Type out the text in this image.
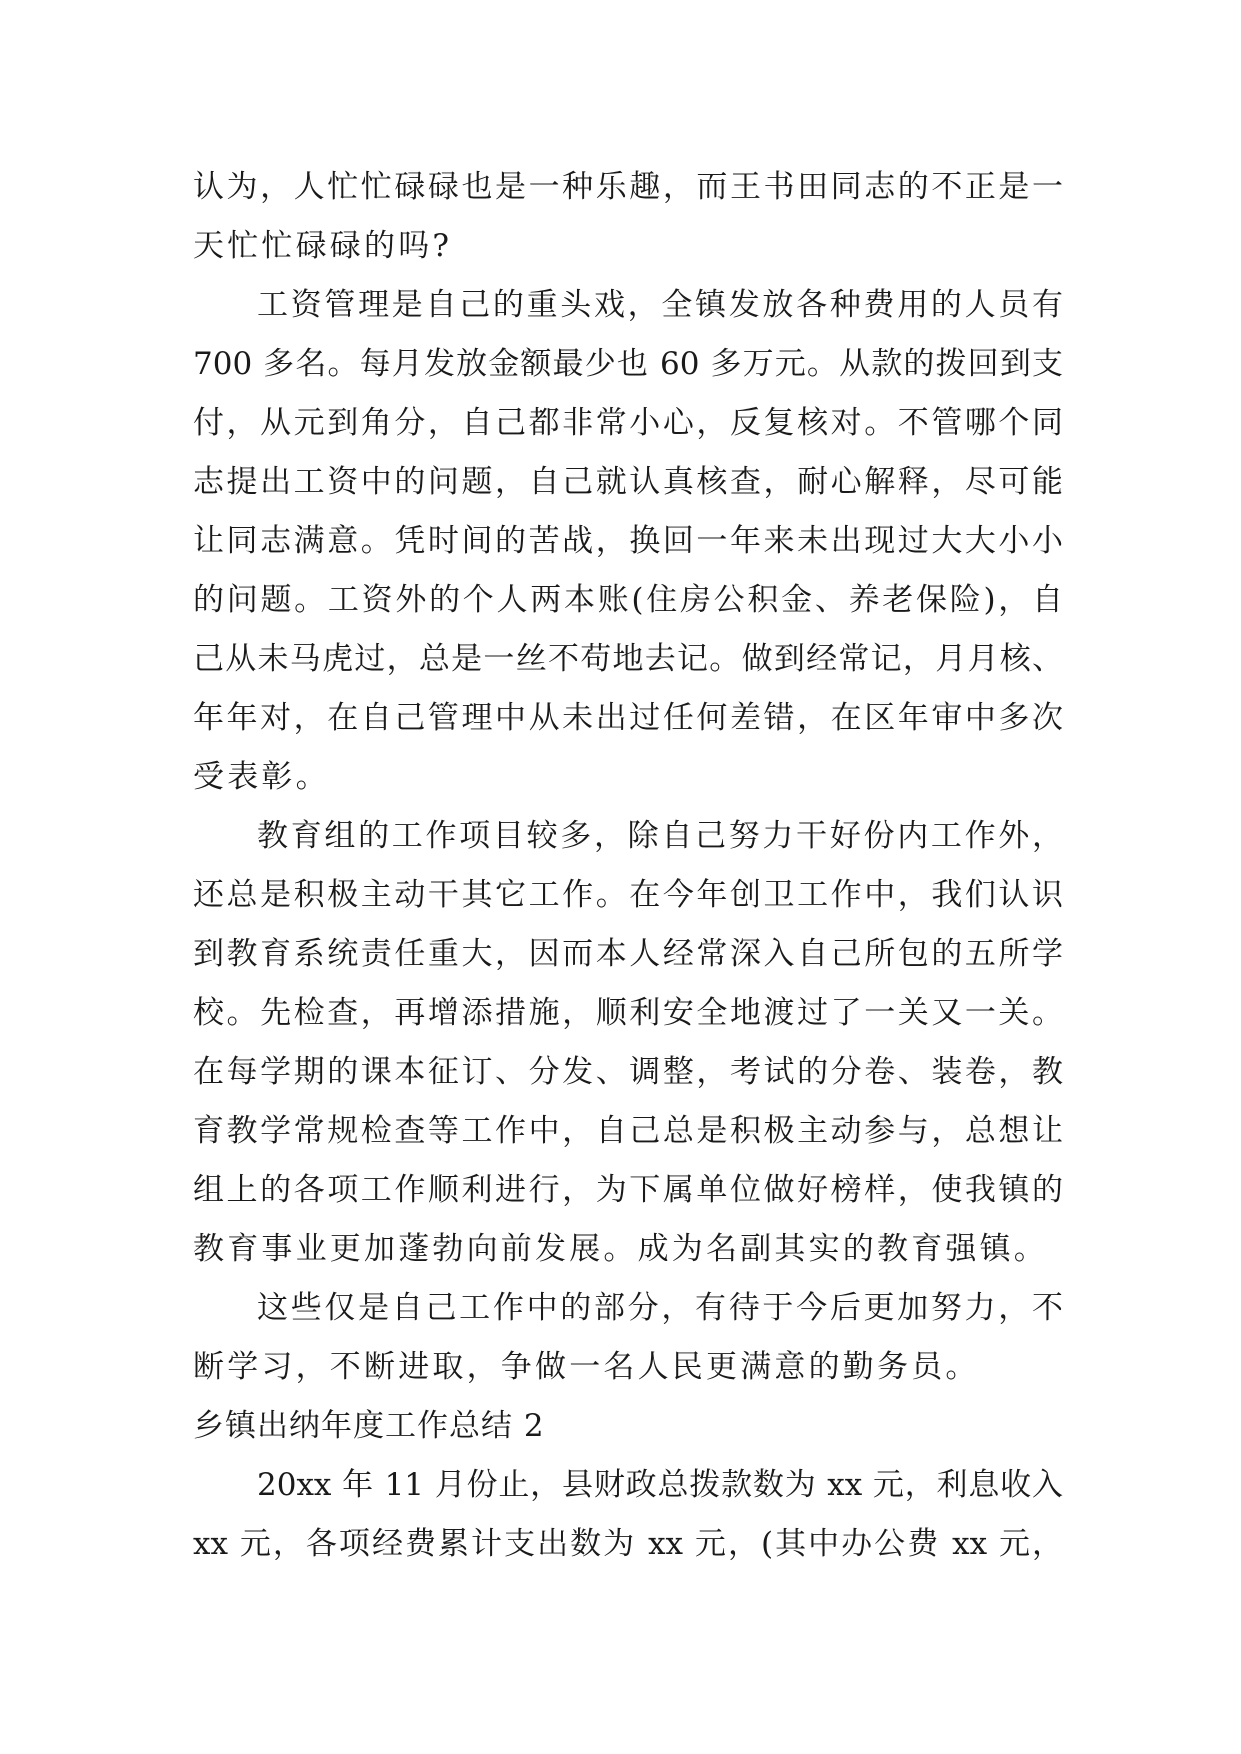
认为，人忙忙碌碌也是一种乐趣，而王书田同志的不正是一
天忙忙碌碌的吗?
工资管理是自己的重头戏，全镇发放各种费用的人员有
700 多名。每月发放金额最少也 60 多万元。从款的拨回到支
付，从元到角分，自己都非常小心，反复核对。不管哪个同
志提出工资中的问题，自己就认真核查，耐心解释，尽可能
让同志满意。凭时间的苦战，换回一年来未出现过大大小小
的问题。工资外的个人两本账(住房公积金、养老保险)，自
己从未马虎过，总是一丝不苟地去记。做到经常记，月月核、
年年对，在自己管理中从未出过任何差错，在区年审中多次
受表彰。
教育组的工作项目较多，除自己努力干好份内工作外，
还总是积极主动干其它工作。在今年创卫工作中，我们认识
到教育系统责任重大，因而本人经常深入自己所包的五所学
校。先检查，再增添措施，顺利安全地渡过了一关又一关。
在每学期的课本征订、分发、调整，考试的分卷、装卷，教
育教学常规检查等工作中，自己总是积极主动参与，总想让
组上的各项工作顺利进行，为下属单位做好榜样，使我镇的
教育事业更加蓬勃向前发展。成为名副其实的教育强镇。
这些仅是自己工作中的部分，有待于今后更加努力，不
断学习，不断进取，争做一名人民更满意的勤务员。
乡镇出纳年度工作总结 2
20xx 年 11 月份止，县财政总拨款数为 xx 元，利息收入
xx 元，各项经费累计支出数为 xx 元，(其中办公费 xx 元，
